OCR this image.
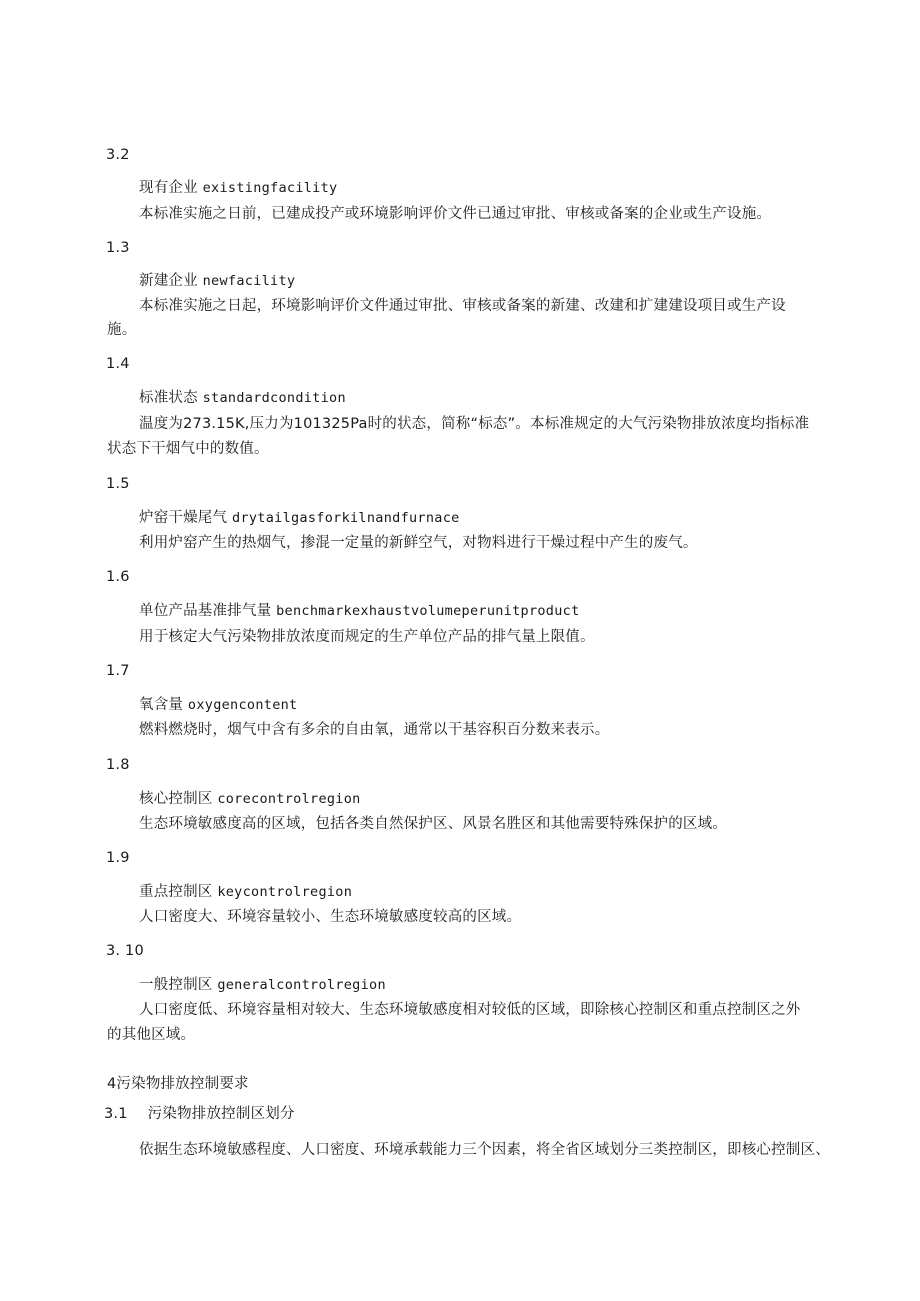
3.2
现有企业 existingfacility
本标准实施之日前，已建成投产或环境影响评价文件已通过审批、审核或备案的企业或生产设施。
1.3
新建企业 newfacility
本标准实施之日起，环境影响评价文件通过审批、审核或备案的新建、改建和扩建建设项目或生产设
施。
1.4
标准状态 standardcondition
温度为273.15K,压力为101325Pa时的状态，简称“标态”。本标准规定的大气污染物排放浓度均指标准
状态下干烟气中的数值。
1.5
炉窑干燥尾气 drytailgasforkilnandfurnace
利用炉窑产生的热烟气，掺混一定量的新鲜空气，对物料进行干燥过程中产生的废气。
1.6
单位产品基准排气量 benchmarkexhaustvolumeperunitproduct
用于核定大气污染物排放浓度而规定的生产单位产品的排气量上限值。
1.7
氧含量 oxygencontent
燃料燃烧时，烟气中含有多余的自由氧，通常以干基容积百分数来表示。
1.8
核心控制区 corecontrolregion
生态环境敏感度高的区域，包括各类自然保护区、风景名胜区和其他需要特殊保护的区域。
1.9
重点控制区 keycontrolregion
人口密度大、环境容量较小、生态环境敏感度较高的区域。
3. 10
一般控制区 generalcontrolregion
人口密度低、环境容量相对较大、生态环境敏感度相对较低的区域，即除核心控制区和重点控制区之外
的其他区域。
4污染物排放控制要求
3.1 污染物排放控制区划分
依据生态环境敏感程度、人口密度、环境承载能力三个因素，将全省区域划分三类控制区，即核心控制区、
